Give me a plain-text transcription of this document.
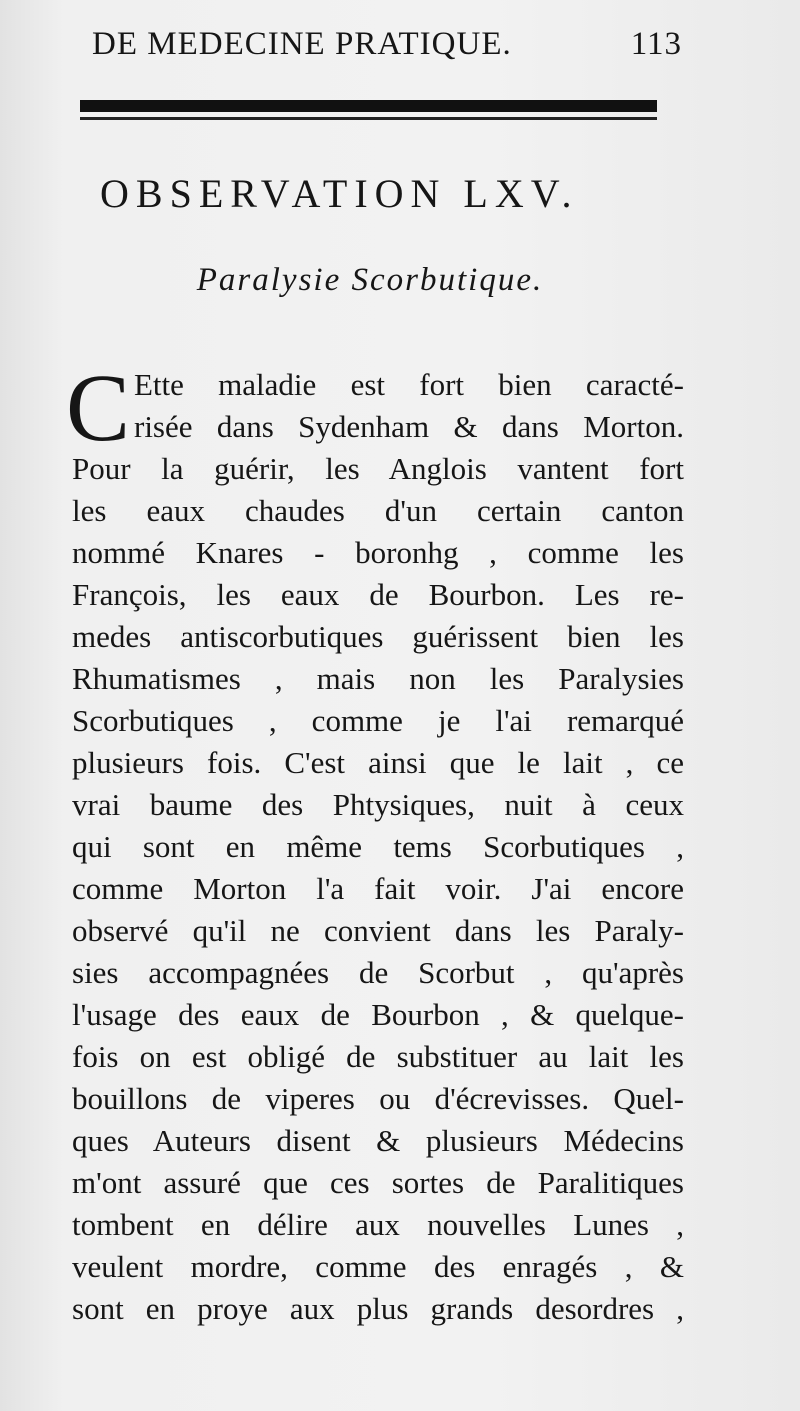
DE MEDECINE PRATIQUE.	113
OBSERVATION LXV.
Paralysie Scorbutique.
C Ette maladie est fort bien caracté-
risée dans Sydenham & dans Morton.
Pour la guérir, les Anglois vantent fort
les eaux chaudes d'un certain canton
nommé Knares - boronhg , comme les
François, les eaux de Bourbon. Les re-
medes antiscorbutiques guérissent bien les
Rhumatismes , mais non les Paralysies
Scorbutiques , comme je l'ai remarqué
plusieurs fois. C'est ainsi que le lait , ce
vrai baume des Phtysiques, nuit à ceux
qui sont en même tems Scorbutiques ,
comme Morton l'a fait voir. J'ai encore
observé qu'il ne convient dans les Paraly-
sies accompagnées de Scorbut , qu'après
l'usage des eaux de Bourbon , & quelque-
fois on est obligé de substituer au lait les
bouillons de viperes ou d'écrevisses. Quel-
ques Auteurs disent & plusieurs Médecins
m'ont assuré que ces sortes de Paralitiques
tombent en délire aux nouvelles Lunes ,
veulent mordre, comme des enragés , &
sont en proye aux plus grands desordres ,
